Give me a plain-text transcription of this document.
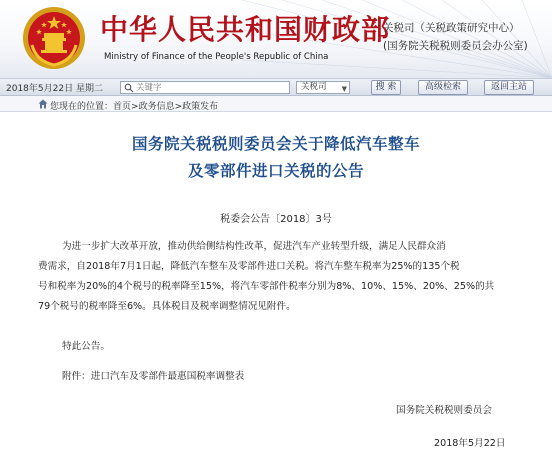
中华人民共和国财政部
Ministry of Finance of the People's Republic of China
关税司（关税政策研究中心）
(国务院关税税则委员会办公室)
2018年5月22日 星期二
关键字	关税司 ▼	搜 索	高级检索	返回主站
您现在的位置：首页>政务信息>政策发布
国务院关税税则委员会关于降低汽车整车
及零部件进口关税的公告
税委会公告〔2018〕3号
为进一步扩大改革开放，推动供给侧结构性改革，促进汽车产业转型升级，满足人民群众消
费需求，自2018年7月1日起，降低汽车整车及零部件进口关税。将汽车整车税率为25%的135个税
号和税率为20%的4个税号的税率降至15%，将汽车零部件税率分别为8%、10%、15%、20%、25%的共
79个税号的税率降至6%。具体税目及税率调整情况见附件。
特此公告。
附件：进口汽车及零部件最惠国税率调整表
国务院关税税则委员会
2018年5月22日
